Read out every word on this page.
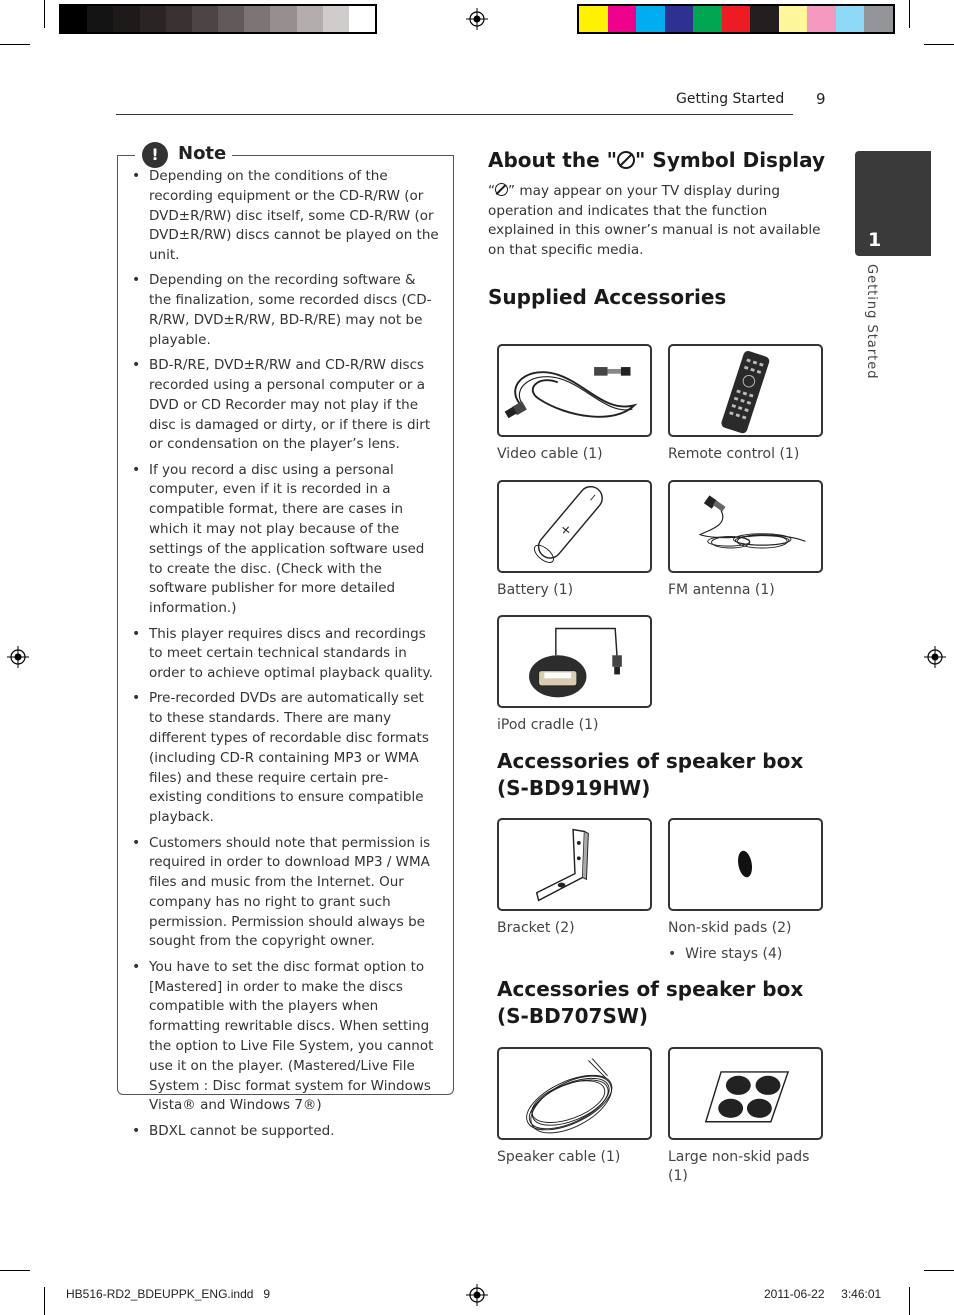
Getting Started 9
1
Getting Started
!	Note
• Depending on the conditions of the recording equipment or the CD-R/RW (or DVD±R/RW) disc itself, some CD-R/RW (or DVD±R/RW) discs cannot be played on the unit.
• Depending on the recording software & the finalization, some recorded discs (CD-R/RW, DVD±R/RW, BD-R/RE) may not be playable.
• BD-R/RE, DVD±R/RW and CD-R/RW discs recorded using a personal computer or a DVD or CD Recorder may not play if the disc is damaged or dirty, or if there is dirt or condensation on the player’s lens.
• If you record a disc using a personal computer, even if it is recorded in a compatible format, there are cases in which it may not play because of the settings of the application software used to create the disc. (Check with the software publisher for more detailed information.)
• This player requires discs and recordings to meet certain technical standards in order to achieve optimal playback quality.
• Pre-recorded DVDs are automatically set to these standards. There are many different types of recordable disc formats (including CD-R containing MP3 or WMA files) and these require certain pre-existing conditions to ensure compatible playback.
• Customers should note that permission is required in order to download MP3 / WMA files and music from the Internet. Our company has no right to grant such permission. Permission should always be sought from the copyright owner.
• You have to set the disc format option to [Mastered] in order to make the discs compatible with the players when formatting rewritable discs. When setting the option to Live File System, you cannot use it on the player. (Mastered/Live File System : Disc format system for Windows Vista® and Windows 7®)
• BDXL cannot be supported.
About the " " Symbol Display
“ ” may appear on your TV display during operation and indicates that the function explained in this owner’s manual is not available on that specific media.
Supplied Accessories
Video cable (1)	Remote control (1)
+
−
Battery (1)	FM antenna (1)
iPod cradle (1)
Accessories of speaker box
(S-BD919HW)
Bracket (2)	Non-skid pads (2)
•  Wire stays (4)
Accessories of speaker box
(S-BD707SW)
Speaker cable (1)	Large non-skid pads (1)
HB516-RD2_BDEUPPK_ENG.indd   9	2011-06-22     3:46:01
